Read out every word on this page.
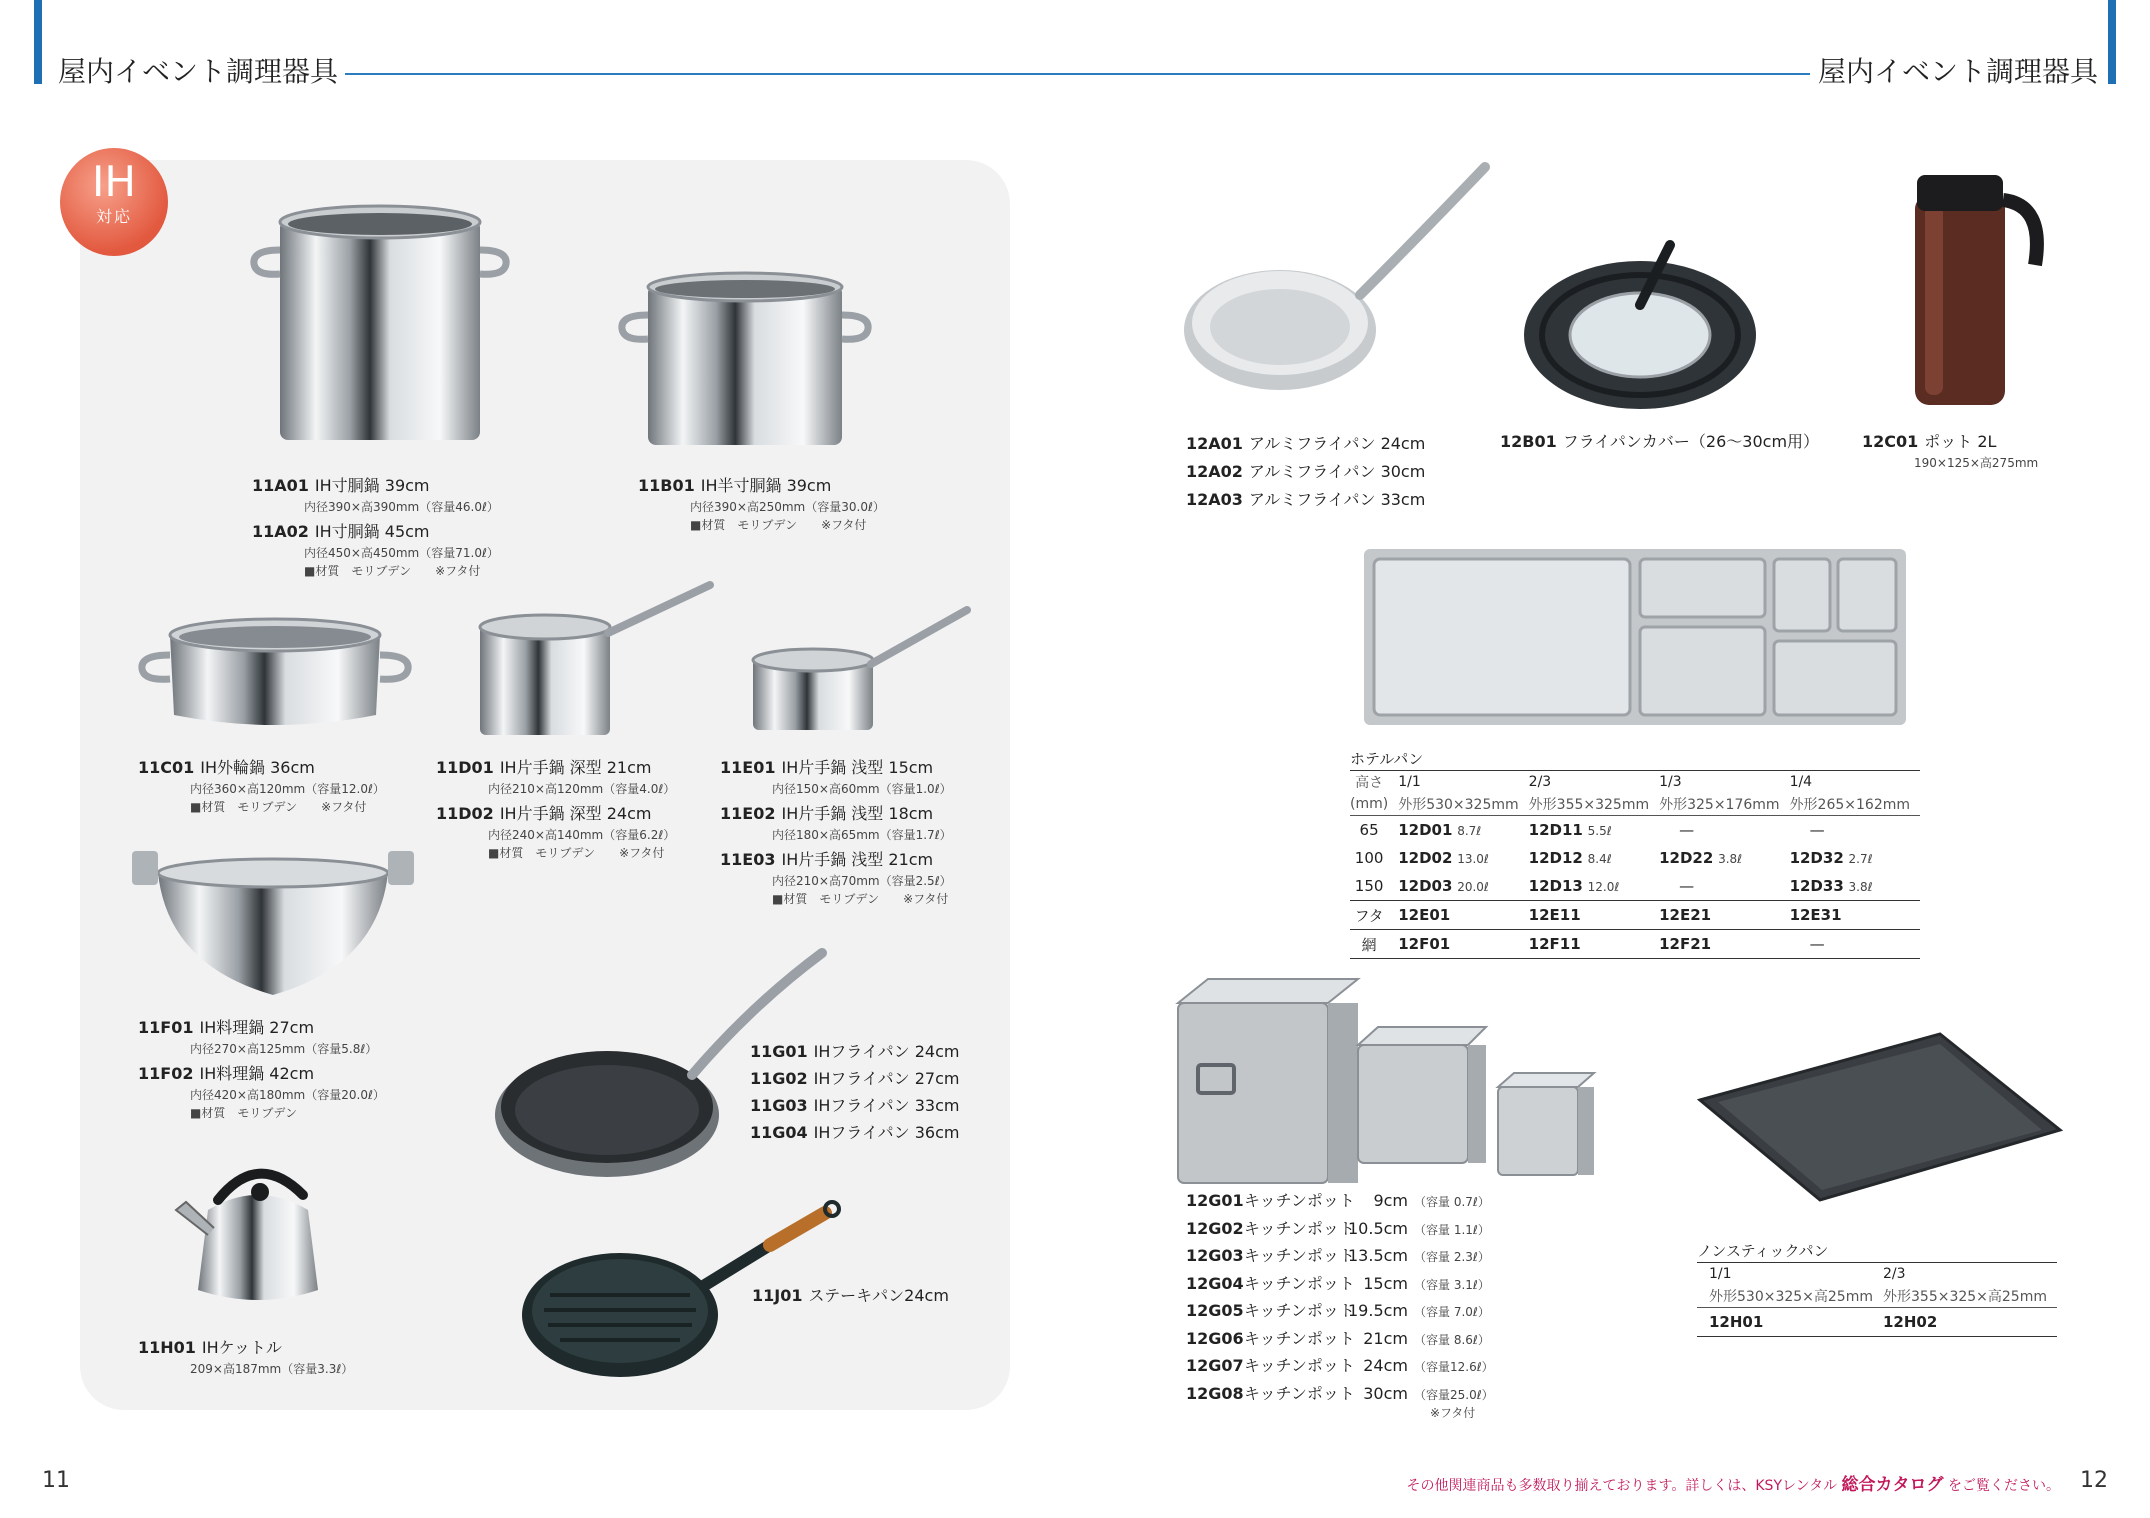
屋内イベント調理器具	屋内イベント調理器具
IH
対応
11A01 IH寸胴鍋 39cm
内径390×高390mm（容量46.0ℓ）
11A02 IH寸胴鍋 45cm
内径450×高450mm（容量71.0ℓ）
■材質　モリブデン　　※フタ付
11B01 IH半寸胴鍋 39cm
内径390×高250mm（容量30.0ℓ）
■材質　モリブデン　　※フタ付
11C01 IH外輪鍋 36cm
内径360×高120mm（容量12.0ℓ）
■材質　モリブデン　　※フタ付
11D01 IH片手鍋 深型 21cm
内径210×高120mm（容量4.0ℓ）
11D02 IH片手鍋 深型 24cm
内径240×高140mm（容量6.2ℓ）
■材質　モリブデン　　※フタ付
11E01 IH片手鍋 浅型 15cm
内径150×高60mm（容量1.0ℓ）
11E02 IH片手鍋 浅型 18cm
内径180×高65mm（容量1.7ℓ）
11E03 IH片手鍋 浅型 21cm
内径210×高70mm（容量2.5ℓ）
■材質　モリブデン　　※フタ付
11F01 IH料理鍋 27cm
内径270×高125mm（容量5.8ℓ）
11F02 IH料理鍋 42cm
内径420×高180mm（容量20.0ℓ）
■材質　モリブデン
11G01 IHフライパン 24cm
11G02 IHフライパン 27cm
11G03 IHフライパン 33cm
11G04 IHフライパン 36cm
11H01 IHケットル
209×高187mm（容量3.3ℓ）
11J01 ステーキパン24cm
12A01 アルミフライパン 24cm
12A02 アルミフライパン 30cm
12A03 アルミフライパン 33cm
12B01 フライパンカバー（26～30cm用）	12C01 ポット 2L
190×125×高275mm
ホテルパン
高さ	1/1	2/3	1/3	1/4
(mm)	外形530×325mm	外形355×325mm	外形325×176mm	外形265×162mm
65	12D01 8.7ℓ	12D11 5.5ℓ	—	—
100	12D02 13.0ℓ	12D12 8.4ℓ	12D22 3.8ℓ	12D32 2.7ℓ
150	12D03 20.0ℓ	12D13 12.0ℓ	—	12D33 3.8ℓ
フタ	12E01	12E11	12E21	12E31
網	12F01	12F11	12F21	—
12G01キッチンポット 9cm （容量 0.7ℓ）
12G02キッチンポット10.5cm （容量 1.1ℓ）
12G03キッチンポット13.5cm （容量 2.3ℓ）
12G04キッチンポット 15cm （容量 3.1ℓ）
12G05キッチンポット19.5cm （容量 7.0ℓ）
12G06キッチンポット 21cm （容量 8.6ℓ）
12G07キッチンポット 24cm （容量12.6ℓ）
12G08キッチンポット 30cm （容量25.0ℓ）
※フタ付
ノンスティックパン
1/1	2/3
外形530×325×高25mm	外形355×325×高25mm
12H01	12H02
11	12
その他関連商品も多数取り揃えております。詳しくは、KSYレンタル 総合カタログ をご覧ください。
